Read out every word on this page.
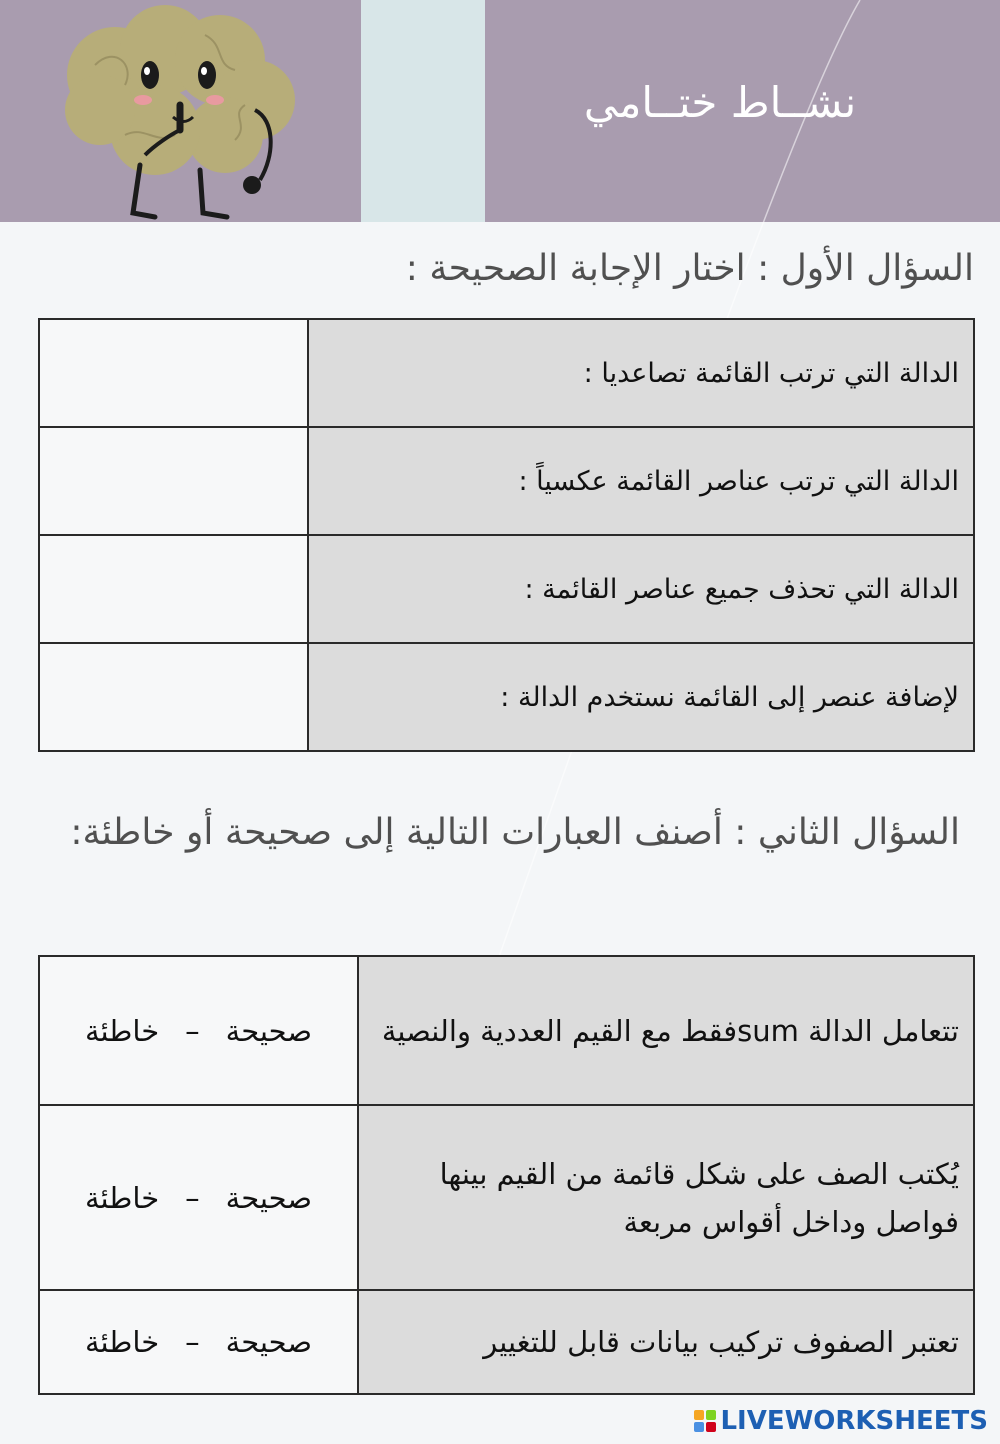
نشــاط ختــامي
السؤال الأول : اختار الإجابة الصحيحة :
الدالة التي ترتب القائمة تصاعديا :	
الدالة التي ترتب عناصر القائمة عكسياً :	
الدالة التي تحذف جميع عناصر القائمة :	
لإضافة عنصر إلى القائمة نستخدم الدالة :	
السؤال الثاني : أصنف العبارات التالية إلى صحيحة أو خاطئة:
تتعامل الدالة sumفقط مع القيم العددية والنصية	صحيحة
–
خاطئة

يُكتب الصف على شكل قائمة من القيم بينها فواصل وداخل أقواس مربعة	صحيحة
–
خاطئة

تعتبر الصفوف تركيب بيانات قابل للتغيير	صحيحة
–
خاطئة
LIVEWORKSHEETS
